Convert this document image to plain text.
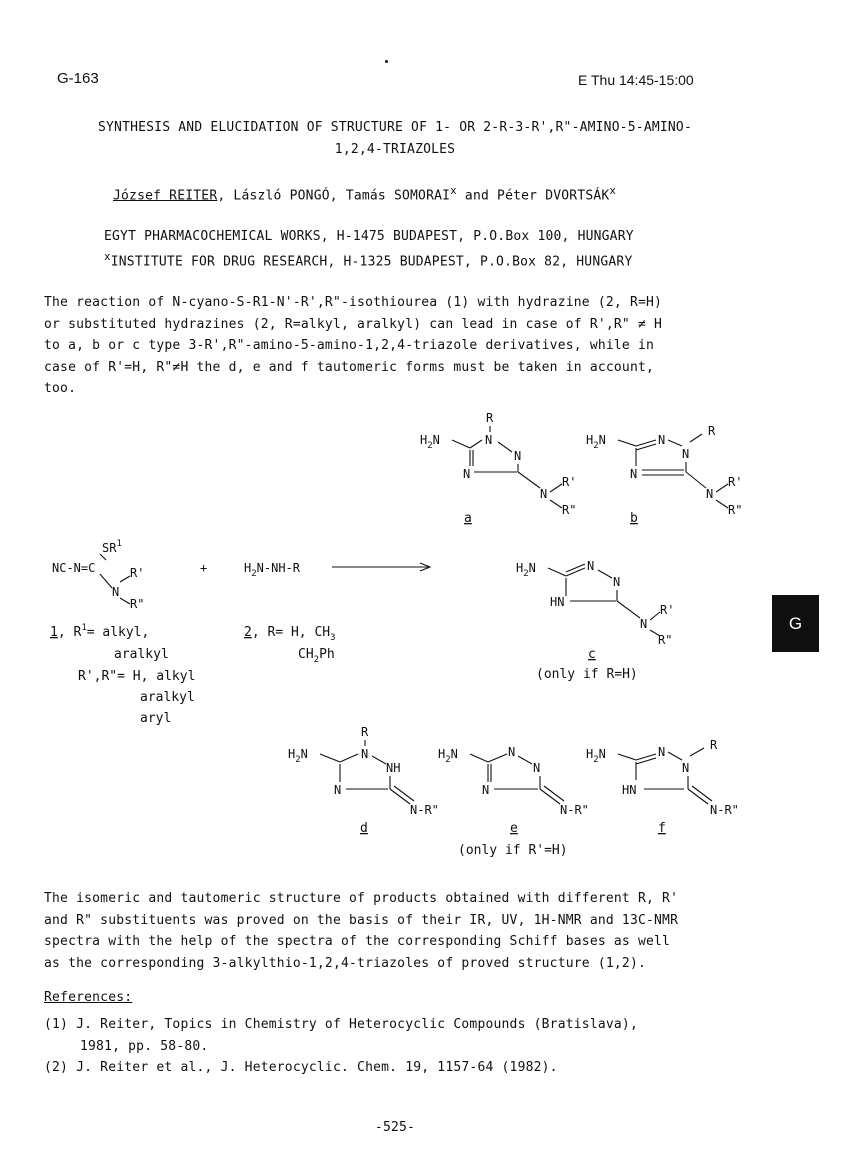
G-163	E Thu 14:45-15:00
SYNTHESIS AND ELUCIDATION OF STRUCTURE OF 1- OR 2-R-3-R',R"-AMINO-5-AMINO-
1,2,4-TRIAZOLES
József REITER, László PONGÓ, Tamás SOMORAI$^x$ and Péter DVORTSÁK$^x$
EGYT PHARMACOCHEMICAL WORKS, H-1475 BUDAPEST, P.O.Box 100, HUNGARY
$^x$INSTITUTE FOR DRUG RESEARCH, H-1325 BUDAPEST, P.O.Box 82, HUNGARY
The reaction of N-cyano-S-R1-N'-R',R"-isothiourea (1) with hydrazine (2, R=H)
or substituted hydrazines (2, R=alkyl, aralkyl) can lead in case of R',R" ≠ H
to a, b or c type 3-R',R"-amino-5-amino-1,2,4-triazole derivatives, while in
case of R'=H, R"≠H the d, e and f tautomeric forms must be taken in account,
too.
R
N
$H_2N$
N
N
N
R'
R"
a
$H_2N$	N
R
N
N
N
R'
R"
b
$SR^1$
NC-N=C
N
R'
R"
+	$H_2N-NH-R$	$H_2N$	N
N
HN
N
R'
R"
c
(only if R=H)
1, $R^1=$ alkyl,
aralkyl
R',R"= H, alkyl
aralkyl
aryl
2, R= H, $CH_3$
$CH_2Ph$
R
N
$H_2N$
NH
N
N-R"
d
$H_2N$	N
N
N
N-R"
e
(only if R'=H)
$H_2N$	N	R
N
HN
N-R"
f
G
The isomeric and tautomeric structure of products obtained with different R, R'
and R" substituents was proved on the basis of their IR, UV, 1H-NMR and 13C-NMR
spectra with the help of the spectra of the corresponding Schiff bases as well
as the corresponding 3-alkylthio-1,2,4-triazoles of proved structure (1,2).
References:
(1) J. Reiter, Topics in Chemistry of Heterocyclic Compounds (Bratislava),
1981, pp. 58-80.
(2) J. Reiter et al., J. Heterocyclic. Chem. 19, 1157-64 (1982).
-525-
